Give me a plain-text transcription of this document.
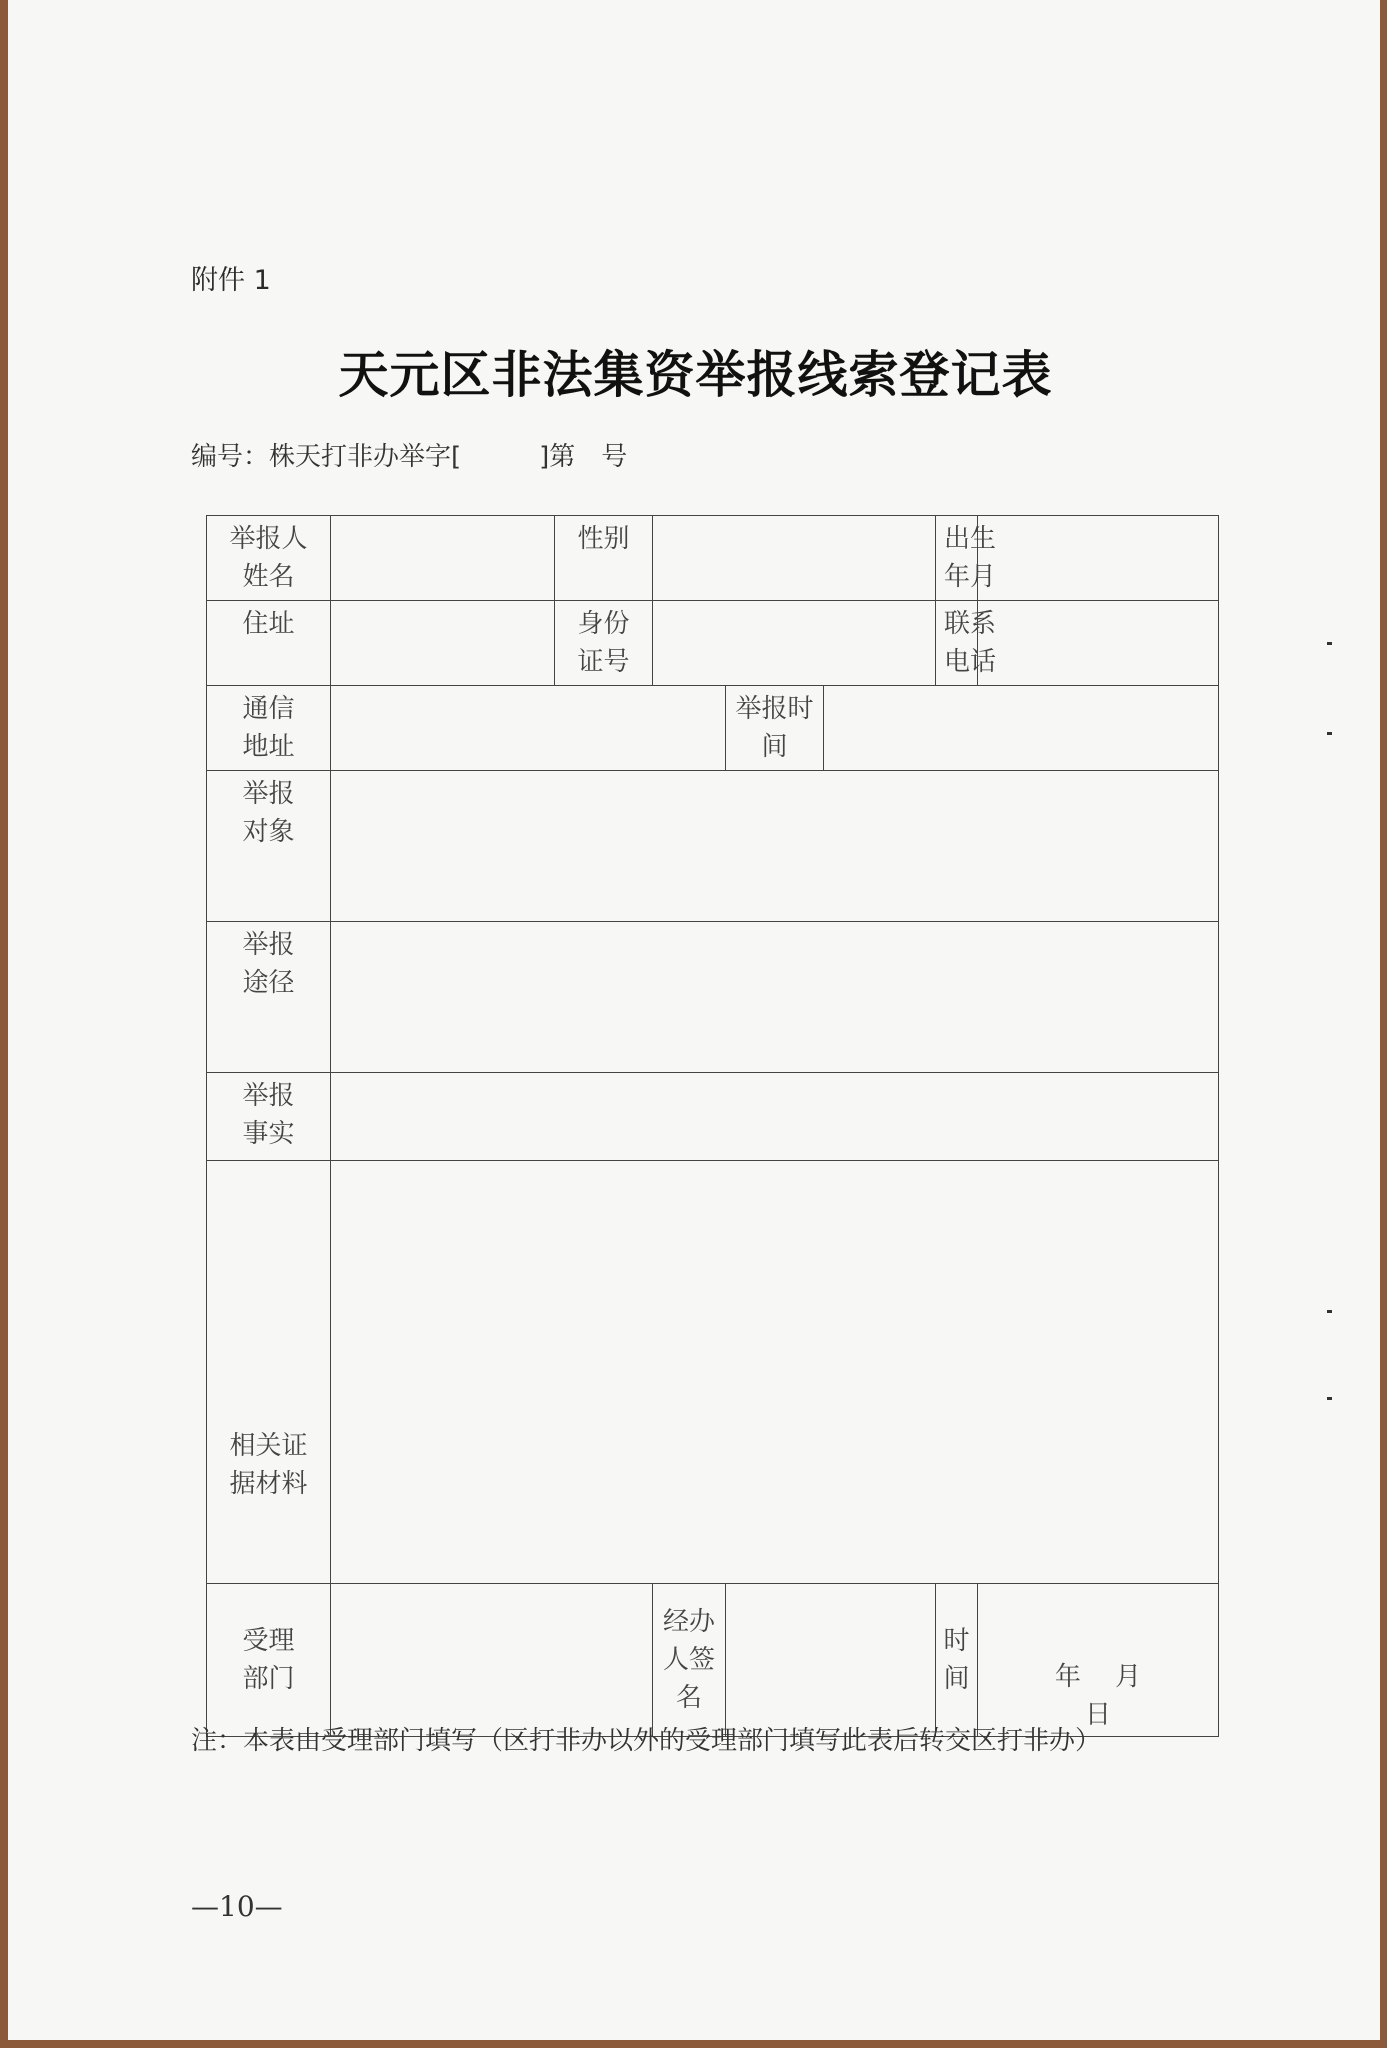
附件 1
天元区非法集资举报线索登记表
编号：株天打非办举字[　　　]第　号
举报人姓名		性别				出生年月	
住址		身份证号				联系电话	
通信地址				举报时间			
举报对象							
举报途径							
举报事实							
相关证据材料							
受理部门			经办人签名			时间	年　 月日
注：本表由受理部门填写（区打非办以外的受理部门填写此表后转交区打非办）
—10—
